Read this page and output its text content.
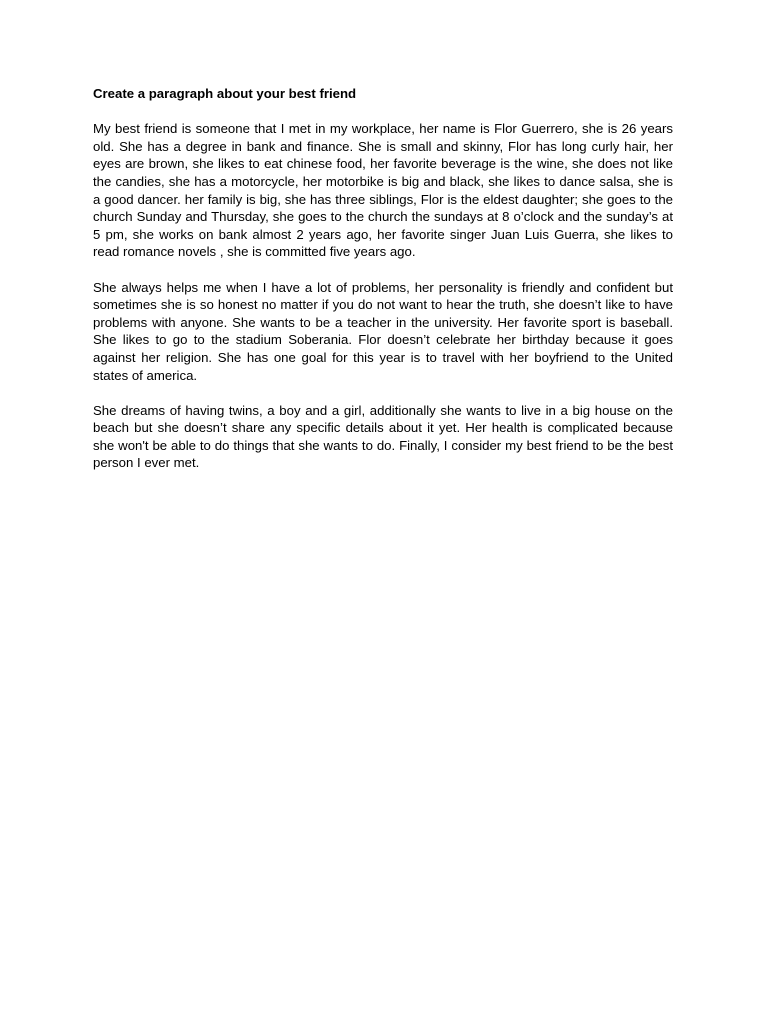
Create a paragraph about your best friend

My best friend is someone that I met in my workplace, her name is Flor Guerrero, she is 26 years old. She has a degree in bank and finance. She is small and skinny, Flor has long curly hair, her eyes are brown, she likes to eat chinese food, her favorite beverage is the wine, she does not like the candies, she has a motorcycle, her motorbike is big and black, she likes to dance salsa, she is a good dancer. her family is big, she has three siblings, Flor is the eldest daughter; she goes to the church Sunday and Thursday, she goes to the church the sundays at 8 o’clock and the sunday’s at 5 pm, she works on bank almost 2 years ago, her favorite singer Juan Luis Guerra, she likes to read romance novels , she is committed five years ago.

She always helps me when I have a lot of problems, her personality is friendly and confident but sometimes she is so honest no matter if you do not want to hear the truth, she doesn’t like to have problems with anyone. She wants to be a teacher in the university. Her favorite sport is baseball. She likes to go to the stadium Soberania. Flor doesn’t celebrate her birthday because it goes against her religion. She has one goal for this year is to travel with her boyfriend to the United states of america.

She dreams of having twins, a boy and a girl, additionally she wants to live in a big house on the beach but she doesn’t share any specific details about it yet. Her health is complicated because she won't be able to do things that she wants to do. Finally, I consider my best friend to be the best person I ever met.
